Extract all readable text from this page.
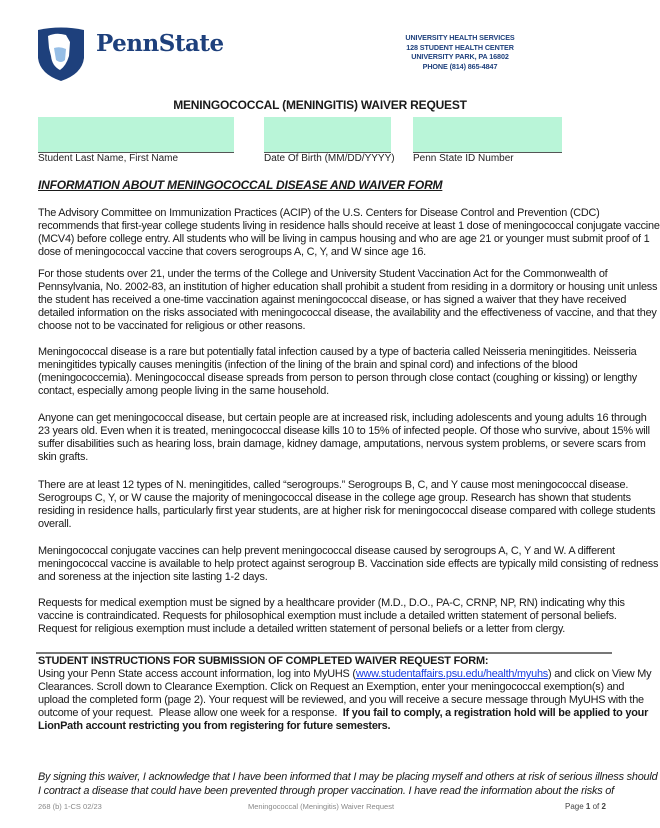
PennState	UNIVERSITY HEALTH SERVICES
128 STUDENT HEALTH CENTER
UNIVERSITY PARK, PA 16802
PHONE (814) 865-4847
MENINGOCOCCAL (MENINGITIS) WAIVER REQUEST
Student Last Name, First Name	Date Of Birth (MM/DD/YYYY) Penn State ID Number
INFORMATION ABOUT MENINGOCOCCAL DISEASE AND WAIVER FORM
The Advisory Committee on Immunization Practices (ACIP) of the U.S. Centers for Disease Control and Prevention (CDC)
recommends that first-year college students living in residence halls should receive at least 1 dose of meningococcal conjugate vaccine
(MCV4) before college entry. All students who will be living in campus housing and who are age 21 or younger must submit proof of 1
dose of meningococcal vaccine that covers serogroups A, C, Y, and W since age 16.
For those students over 21, under the terms of the College and University Student Vaccination Act for the Commonwealth of
Pennsylvania, No. 2002-83, an institution of higher education shall prohibit a student from residing in a dormitory or housing unit unless
the student has received a one-time vaccination against meningococcal disease, or has signed a waiver that they have received
detailed information on the risks associated with meningococcal disease, the availability and the effectiveness of vaccine, and that they
choose not to be vaccinated for religious or other reasons.
Meningococcal disease is a rare but potentially fatal infection caused by a type of bacteria called Neisseria meningitides. Neisseria
meningitides typically causes meningitis (infection of the lining of the brain and spinal cord) and infections of the blood
(meningococcemia). Meningococcal disease spreads from person to person through close contact (coughing or kissing) or lengthy
contact, especially among people living in the same household.
Anyone can get meningococcal disease, but certain people are at increased risk, including adolescents and young adults 16 through
23 years old. Even when it is treated, meningococcal disease kills 10 to 15% of infected people. Of those who survive, about 15% will
suffer disabilities such as hearing loss, brain damage, kidney damage, amputations, nervous system problems, or severe scars from
skin grafts.
There are at least 12 types of N. meningitides, called “serogroups.” Serogroups B, C, and Y cause most meningococcal disease.
Serogroups C, Y, or W cause the majority of meningococcal disease in the college age group. Research has shown that students
residing in residence halls, particularly first year students, are at higher risk for meningococcal disease compared with college students
overall.
Meningococcal conjugate vaccines can help prevent meningococcal disease caused by serogroups A, C, Y and W. A different
meningococcal vaccine is available to help protect against serogroup B. Vaccination side effects are typically mild consisting of redness
and soreness at the injection site lasting 1-2 days.
Requests for medical exemption must be signed by a healthcare provider (M.D., D.O., PA-C, CRNP, NP, RN) indicating why this
vaccine is contraindicated. Requests for philosophical exemption must include a detailed written statement of personal beliefs.
Request for religious exemption must include a detailed written statement of personal beliefs or a letter from clergy.
STUDENT INSTRUCTIONS FOR SUBMISSION OF COMPLETED WAIVER REQUEST FORM:
Using your Penn State access account information, log into MyUHS (www.studentaffairs.psu.edu/health/myuhs) and click on View My
Clearances. Scroll down to Clearance Exemption. Click on Request an Exemption, enter your meningococcal exemption(s) and
upload the completed form (page 2). Your request will be reviewed, and you will receive a secure message through MyUHS with the
outcome of your request.  Please allow one week for a response.  If you fail to comply, a registration hold will be applied to your
LionPath account restricting you from registering for future semesters.
By signing this waiver, I acknowledge that I have been informed that I may be placing myself and others at risk of serious illness should
I contract a disease that could have been prevented through proper vaccination. I have read the information about the risks of
268 (b) 1-CS 02/23	Meningococcal (Meningitis) Waiver Request	Page 1 of 2
